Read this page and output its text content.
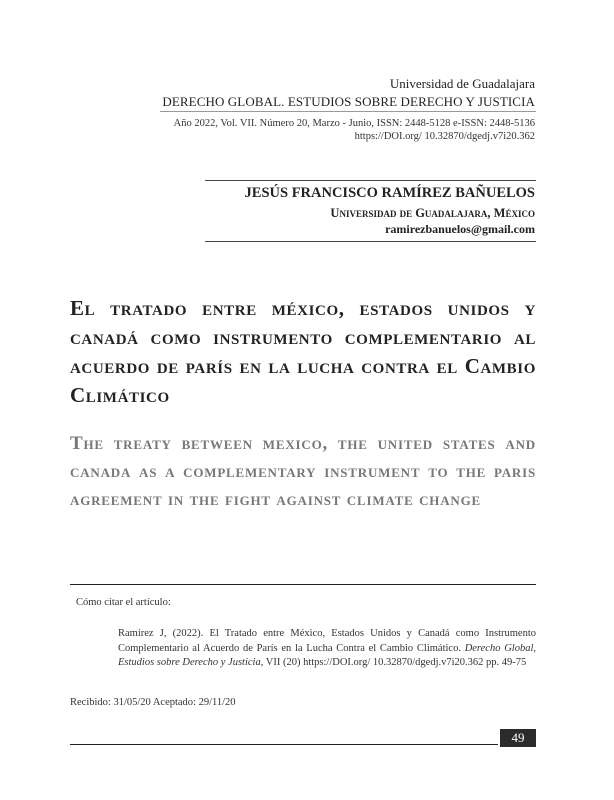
Universidad de Guadalajara
DERECHO GLOBAL. ESTUDIOS SOBRE DERECHO Y JUSTICIA
Año 2022, Vol. VII. Número 20, Marzo - Junio, ISSN: 2448-5128 e-ISSN: 2448-5136
https://DOI.org/ 10.32870/dgedj.v7i20.362
JESÚS FRANCISCO RAMÍREZ BAÑUELOS
Universidad de Guadalajara, México
ramirezbanuelos@gmail.com
El tratado entre méxico, estados unidos y canadá como instrumento complementario al acuerdo de parís en la lucha contra el Cambio Climático
The treaty between mexico, the united states and canada as a complementary instrument to the paris agreement in the fight against climate change
Cómo citar el artículo:
Ramírez J, (2022). El Tratado entre México, Estados Unidos y Canadá como Instrumento Complementario al Acuerdo de París en la Lucha Contra el Cambio Climático. Derecho Global, Estudios sobre Derecho y Justicia, VII (20) https://DOI.org/ 10.32870/dgedj.v7i20.362 pp. 49-75
Recibido: 31/05/20 Aceptado: 29/11/20
49
